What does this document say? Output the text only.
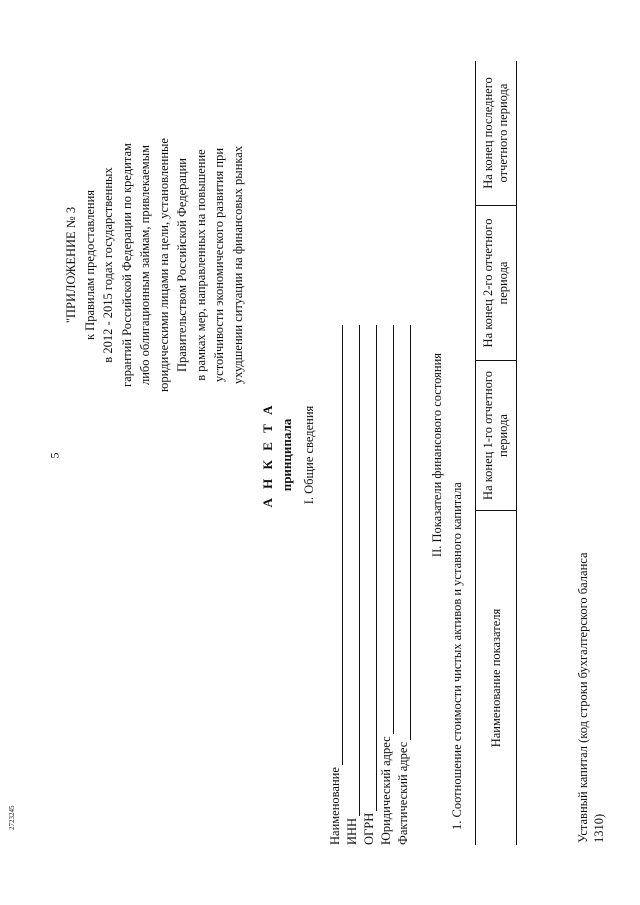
5
2723245
"ПРИЛОЖЕНИЕ № 3 к Правилам предоставления в 2012 - 2015 годах государственных гарантий Российской Федерации по кредитам либо облигационным займам, привлекаемым юридическими лицами на цели, установленные Правительством Российской Федерации в рамках мер, направленных на повышение устойчивости экономического развития при ухудшении ситуации на финансовых рынках
А Н К Е Т А принципала I. Общие сведения
Наименование ИНН ОГРН Юридический адрес Фактический адрес
II. Показатели финансового состояния
1. Соотношение стоимости чистых активов и уставного капитала Наименование показателя	На конец 1-го отчетного периода	На конец 2-го отчетного периода	На конец последнего отчетного периода
Уставный капитал (код строки бухгалтерского баланса 1310)
